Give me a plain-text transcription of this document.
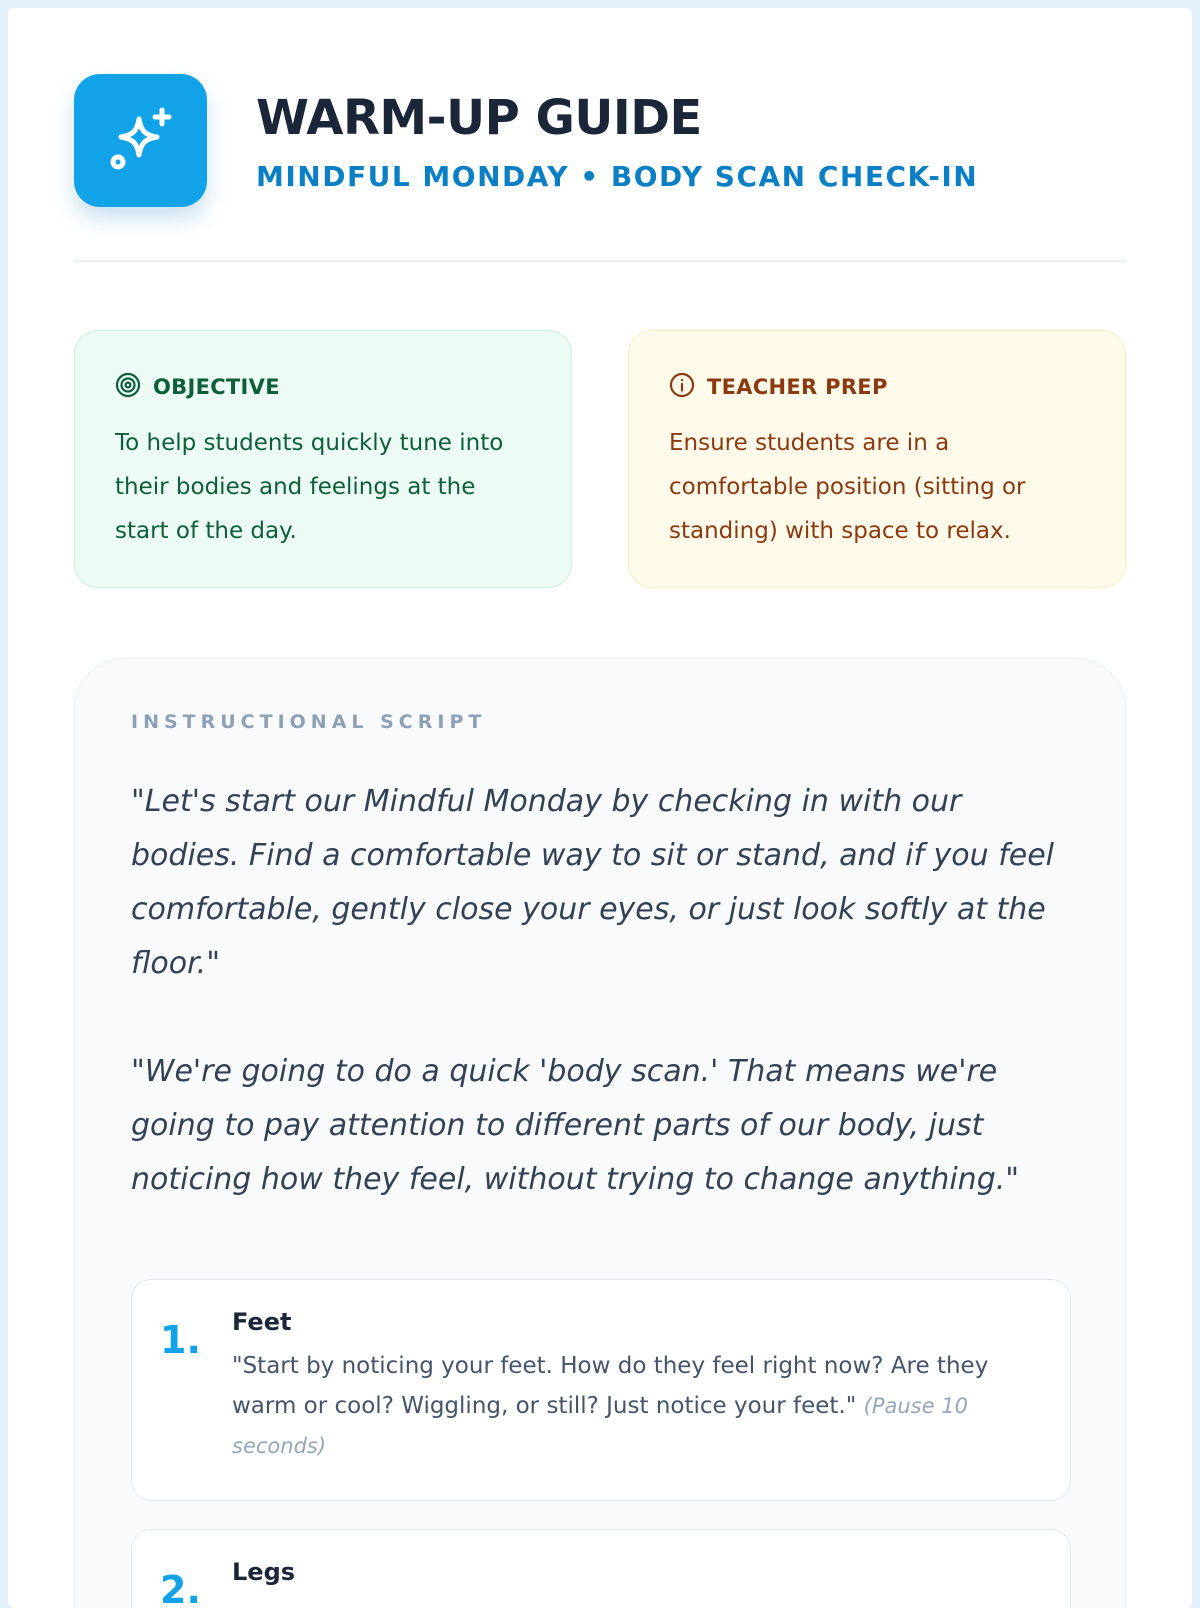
WARM-UP GUIDE
MINDFUL MONDAY • BODY SCAN CHECK-IN
OBJECTIVE
To help students quickly tune into their bodies and feelings at the start of the day.
TEACHER PREP
Ensure students are in a comfortable position (sitting or standing) with space to relax.
INSTRUCTIONAL SCRIPT

"Let's start our Mindful Monday by checking in with our bodies. Find a comfortable way to sit or stand, and if you feel comfortable, gently close your eyes, or just look softly at the floor."

"We're going to do a quick 'body scan.' That means we're going to pay attention to different parts of our body, just noticing how they feel, without trying to change anything."

1. Feet
"Start by noticing your feet. How do they feel right now? Are they warm or cool? Wiggling, or still? Just notice your feet." (Pause 10 seconds)
2. Legs
